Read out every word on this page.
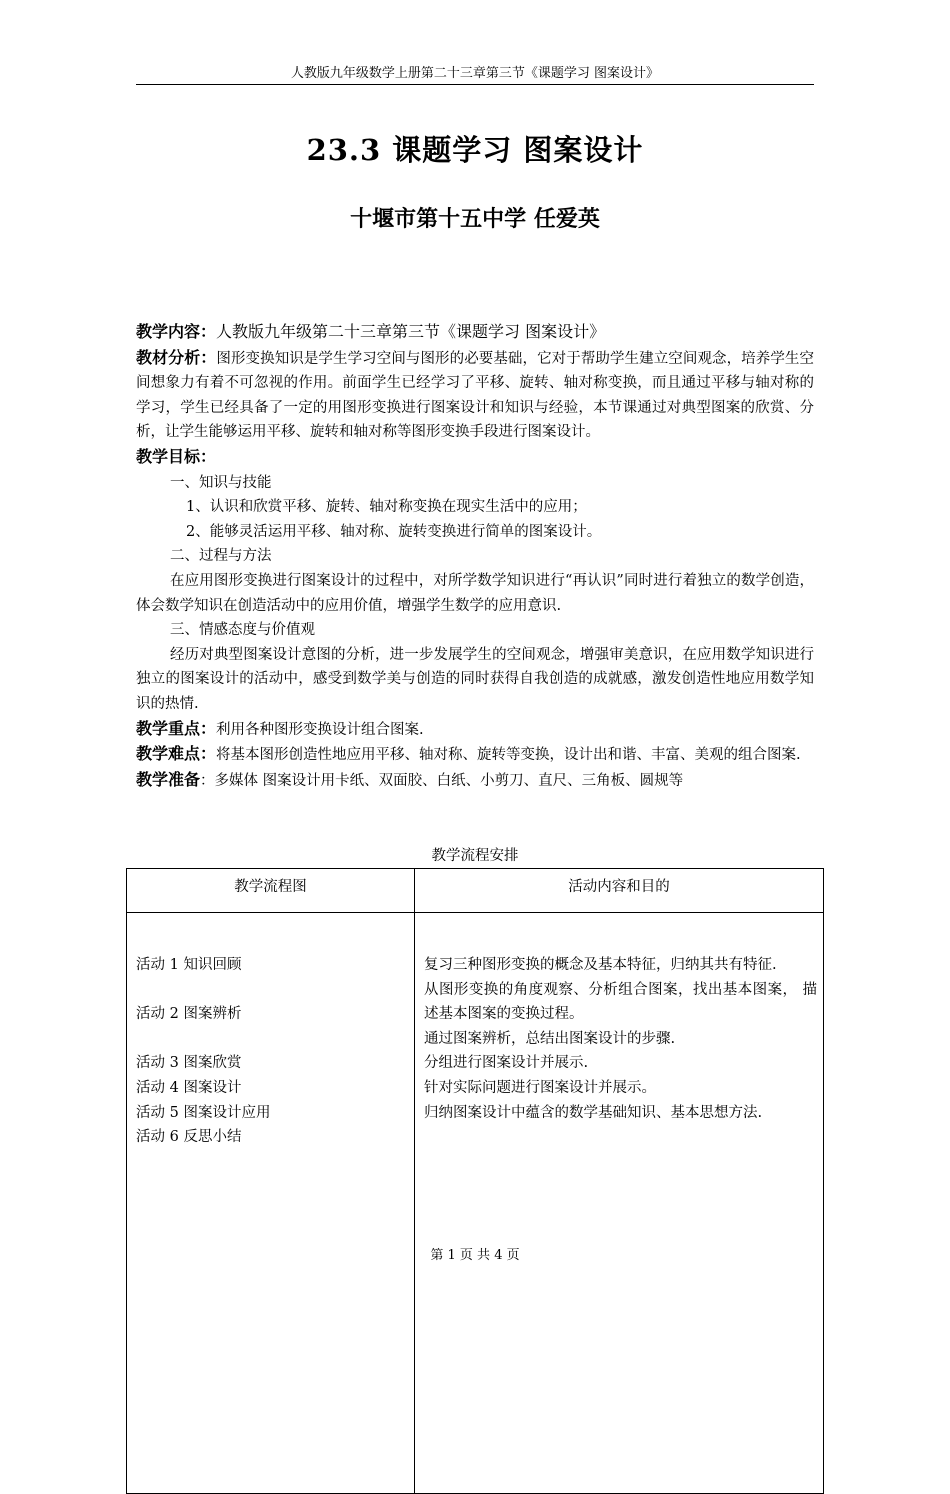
人教版九年级数学上册第二十三章第三节《课题学习 图案设计》
23.3 课题学习 图案设计
十堰市第十五中学 任爱英

教学内容：人教版九年级第二十三章第三节《课题学习 图案设计》

教材分析：图形变换知识是学生学习空间与图形的必要基础，它对于帮助学生建立空间观念，培养学生空间想象力有着不可忽视的作用。前面学生已经学习了平移、旋转、轴对称变换，而且通过平移与轴对称的学习，学生已经具备了一定的用图形变换进行图案设计和知识与经验，本节课通过对典型图案的欣赏、分析，让学生能够运用平移、旋转和轴对称等图形变换手段进行图案设计。

教学目标：

一、知识与技能

1、认识和欣赏平移、旋转、轴对称变换在现实生活中的应用；

2、能够灵活运用平移、轴对称、旋转变换进行简单的图案设计。

二、过程与方法

在应用图形变换进行图案设计的过程中，对所学数学知识进行“再认识”同时进行着独立的数学创造，体会数学知识在创造活动中的应用价值，增强学生数学的应用意识.

三、情感态度与价值观

经历对典型图案设计意图的分析，进一步发展学生的空间观念，增强审美意识，在应用数学知识进行独立的图案设计的活动中，感受到数学美与创造的同时获得自我创造的成就感，激发创造性地应用数学知识的热情.

教学重点：利用各种图形变换设计组合图案.

教学难点：将基本图形创造性地应用平移、轴对称、旋转等变换，设计出和谐、丰富、美观的组合图案.

教学准备：多媒体 图案设计用卡纸、双面胶、白纸、小剪刀、直尺、三角板、圆规等

教学流程安排
教学流程图	活动内容和目的

活动 1 知识回顾

活动 2 图案辨析

活动 3 图案欣赏

活动 4 图案设计

活动 5 图案设计应用

活动 6 反思小结

复习三种图形变换的概念及基本特征，归纳其共有特征.

从图形变换的角度观察、分析组合图案，找出基本图案， 描述基本图案的变换过程。

通过图案辨析，总结出图案设计的步骤.

分组进行图案设计并展示.

针对实际问题进行图案设计并展示。

归纳图案设计中蕴含的数学基础知识、基本思想方法.

第 1 页 共 4 页
